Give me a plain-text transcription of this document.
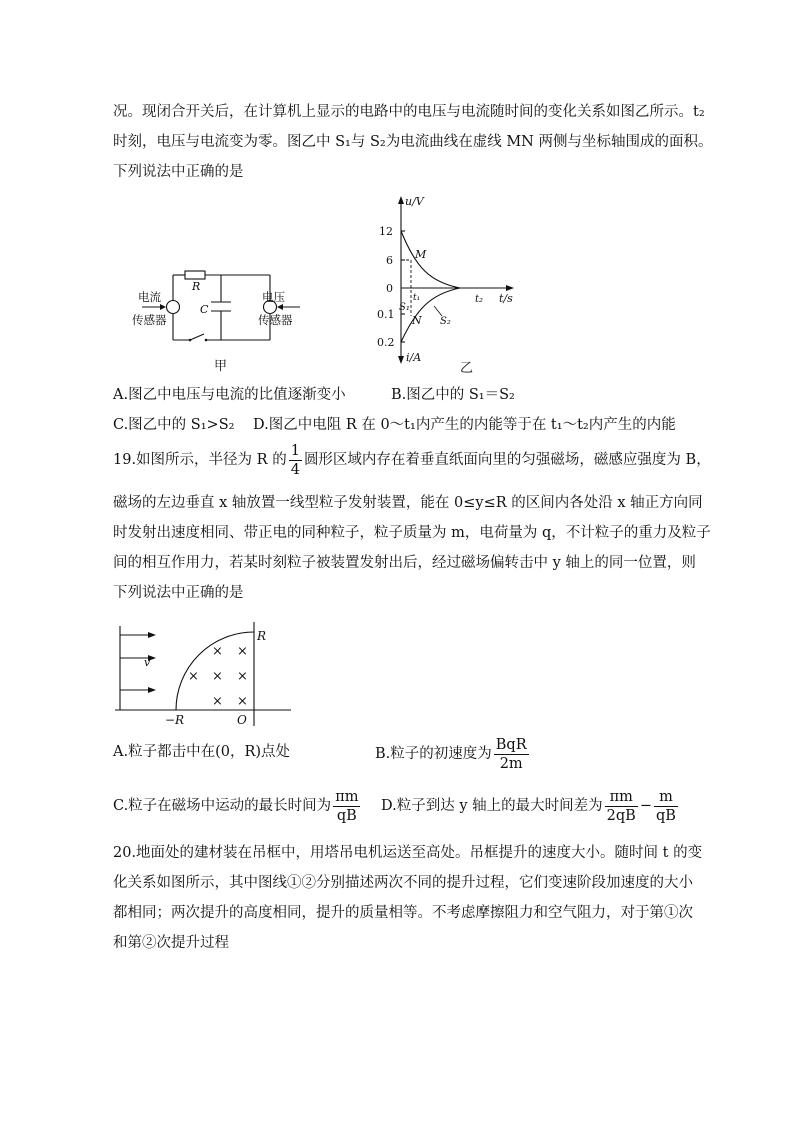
况。现闭合开关后，在计算机上显示的电路中的电压与电流随时间的变化关系如图乙所示。t₂
时刻，电压与电流变为零。图乙中 S₁与 S₂为电流曲线在虚线 MN 两侧与坐标轴围成的面积。
下列说法中正确的是
R
C
电流
传感器
电压
传感器
甲
u/V
i/A
t/s
12
6
0
0.1
0.2
M
N
t₁	t₂
S₁
S₂
乙
A.图乙中电压与电流的比值逐渐变小	B.图乙中的 S₁＝S₂
C.图乙中的 S₁>S₂ D.图乙中电阻 R 在 0～t₁内产生的内能等于在 t₁～t₂内产生的内能
19.如图所示，半径为 R 的 $\frac{1}{4}$ 圆形区域内存在着垂直纸面向里的匀强磁场，磁感应强度为 B，
磁场的左边垂直 x 轴放置一线型粒子发射装置，能在 0≤y≤R 的区间内各处沿 x 轴正方向同
时发射出速度相同、带正电的同种粒子，粒子质量为 m，电荷量为 q，不计粒子的重力及粒子
间的相互作用力，若某时刻粒子被装置发射出后，经过磁场偏转击中 y 轴上的同一位置，则
下列说法中正确的是
v
R
−R	O
× ×
× × ×
× ×
A.粒子都击中在(0，R)点处	B.粒子的初速度为 $\frac{\text{BqR}}{2m}$
C.粒子在磁场中运动的最长时间为 $\frac{\pi m}{qB} D$.粒子到达 y 轴上的最大时间差为 $\frac{\pi m}{2qB} - \frac{m}{qB}$
20.地面处的建材装在吊框中，用塔吊电机运送至高处。吊框提升的速度大小。随时间 t 的变
化关系如图所示，其中图线①②分别描述两次不同的提升过程，它们变速阶段加速度的大小
都相同；两次提升的高度相同，提升的质量相等。不考虑摩擦阻力和空气阻力，对于第①次
和第②次提升过程
